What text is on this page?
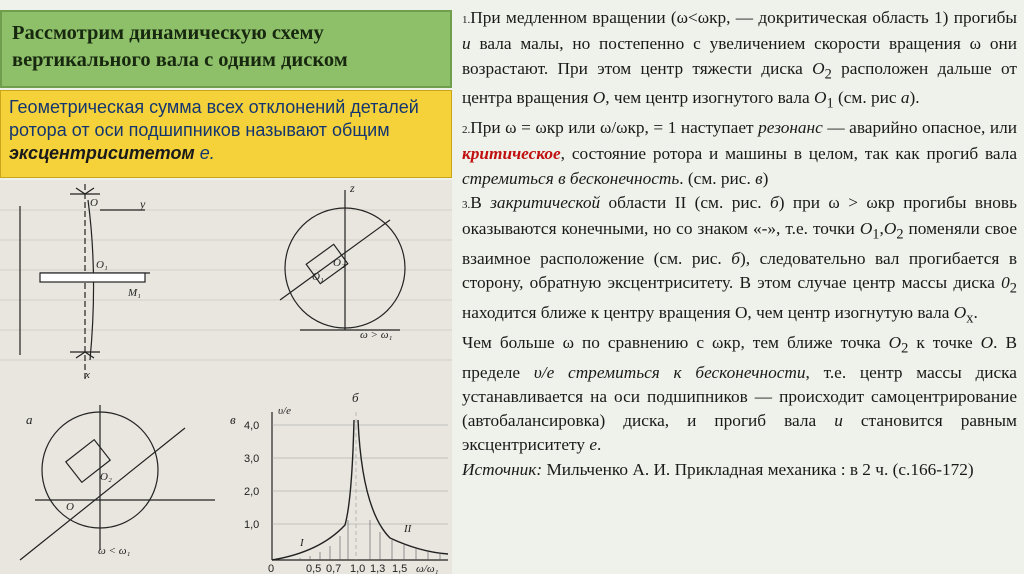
Рассмотрим динамическую схему
вертикального вала с одним диском
Геометрическая сумма всех отклонений деталей
ротора от оси подшипников называют общим
эксцентриситетом e.
y
O
O₁
M₁
x
z
O₂
O₁
ω > ω₁
б
а	в
O₂
O
ω < ω₁
υ/e
4,0
3,0
2,0
1,0
0	0,5 0,7 1,0 1,3 1,5 ω/ω₁
I
II

1.При медленном вращении (ω<ωкр, — докритическая область 1) прогибы и вала малы, но постепенно с увеличением скорости вращения ω они возрастают. При этом центр тяжести диска $O_2$ расположен дальше от центра вращения O, чем центр изогнутого вала $O_1$ (см. рис а).

2.При ω = ωкр или ω/ωкр, = 1 наступает резонанс — аварийно опасное, или критическое, состояние ротора и машины в целом, так как прогиб вала стремиться в бесконечность. (см. рис. в)

3.В закритической области II (см. рис. б) при ω > ωкр прогибы вновь оказываются конечными, но со знаком «-», т.е. точки $O_1,O_2$ поменяли свое взаимное расположение (см. рис. б), следовательно вал прогибается в сторону, обратную эксцентриситету. В этом случае центр массы диска $0_2$ находится ближе к центру вращения О, чем центр изогнутую вала $O_x$.

Чем больше ω по сравнению с ωкр, тем ближе точка $O_2$ к точке O. В пределе υ/e стремиться к бесконечности, т.е. центр массы диска устанавливается на оси подшипников — происходит самоцентрирование (автобалансировка) диска, и прогиб вала и становится равным эксцентриситету e.

Источник: Мильченко А. И. Прикладная механика : в 2 ч. (с.166-172)
